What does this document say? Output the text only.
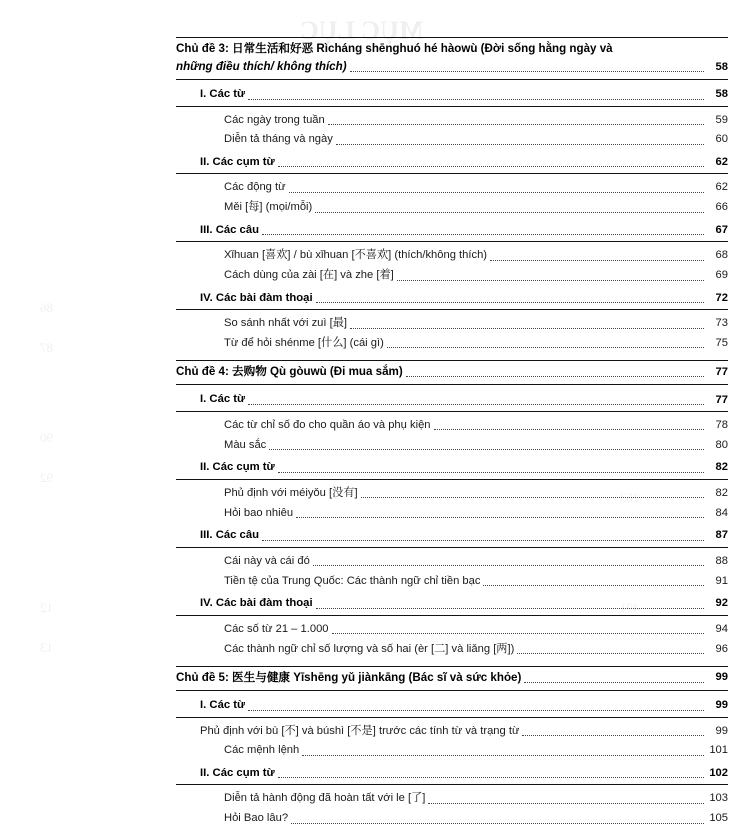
MỤC LỤC
86
87
90
92
12
13
263
491
Chủ đề 3: 日常生活和好恶 Rìcháng shēnghuó hé hàowù (Đời sống hằng ngày và
những điều thích/ không thích)	58
I. Các từ	58
Các ngày trong tuần	59
Diễn tả tháng và ngày	60
II. Các cụm từ	62
Các động từ	62
Měi [每] (mọi/mỗi)	66
III. Các câu	67
Xǐhuan [喜欢] / bù xǐhuan [不喜欢] (thích/không thích)	68
Cách dùng của zài [在] và zhe [着]	69
IV. Các bài đàm thoại	72
So sánh nhất với zuì [最]	73
Từ để hỏi shénme [什么] (cái gì)	75
Chủ đề 4: 去购物 Qù gòuwù (Đi mua sắm)	77
I. Các từ	77
Các từ chỉ số đo cho quần áo và phụ kiện	78
Màu sắc	80
II. Các cụm từ	82
Phủ định với méiyǒu [没有]	82
Hỏi bao nhiêu	84
III. Các câu	87
Cái này và cái đó	88
Tiền tệ của Trung Quốc: Các thành ngữ chỉ tiền bạc	91
IV. Các bài đàm thoại	92
Các số từ 21 – 1.000	94
Các thành ngữ chỉ số lượng và số hai (èr [二] và liǎng [两])	96
Chủ đề 5: 医生与健康 Yīshēng yǔ jiànkāng (Bác sĩ và sức khỏe)	99
I. Các từ	99
Phủ định với bù [不] và búshì [不是] trước các tính từ và trạng từ	99
Các mệnh lệnh	101
II. Các cụm từ	102
Diễn tả hành động đã hoàn tất với le [了]	103
Hỏi Bao lâu?	105
